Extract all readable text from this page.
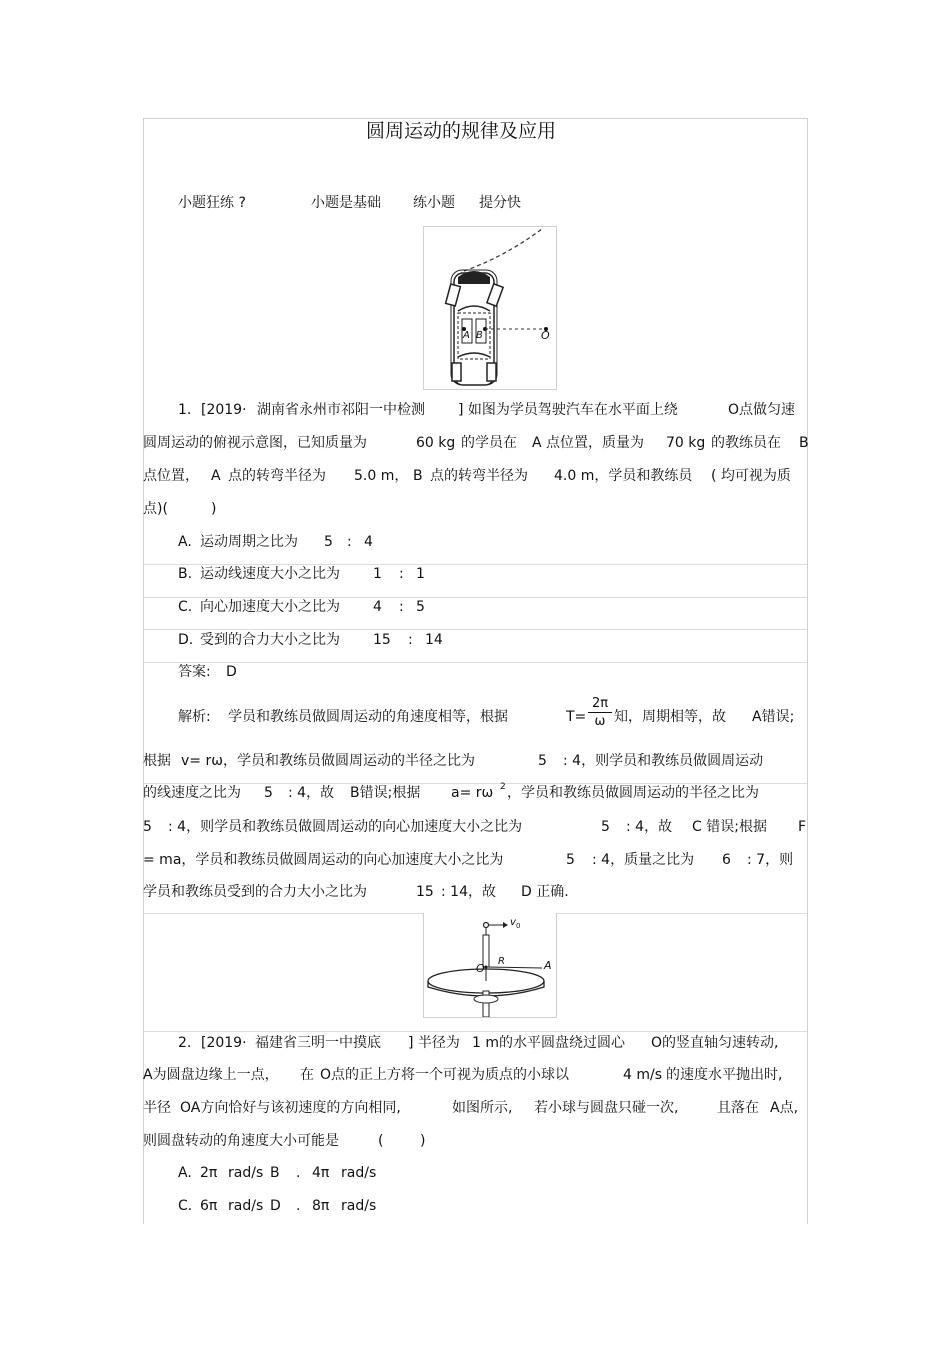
圆周运动的规律及应用
小题狂练 ?	小题是基础 练小题 提分快
A B	O
1. [2019· 湖南省永州市祁阳一中检测 ] 如图为学员驾驶汽车在水平面上绕	O点做匀速
圆周运动的俯视示意图，已知质量为	60 kg 的学员在 A 点位置，质量为 70 kg 的教练员在 B
点位置， A 点的转弯半径为 5.0 m， B 点的转弯半径为 4.0 m，学员和教练员 ( 均可视为质
点)(	)
A. 运动周期之比为 5 : 4
B. 运动线速度大小之比为 1 : 1
C. 向心加速度大小之比为 4 : 5
D. 受到的合力大小之比为 15 : 14
答案: D
解析: 学员和教练员做圆周运动的角速度相等，根据	T=
2π
ω 知，周期相等，故 A错误;
根据 v= rω，学员和教练员做圆周运动的半径之比为	5 : 4，则学员和教练员做圆周运动
的线速度之比为 5 : 4，故 B错误;根据 a= rω 2 ，学员和教练员做圆周运动的半径之比为
5 : 4，则学员和教练员做圆周运动的向心加速度大小之比为	5 : 4，故 C 错误;根据 F
= ma，学员和教练员做圆周运动的向心加速度大小之比为	5 : 4，质量之比为 6 : 7，则
学员和教练员受到的合力大小之比为	15 : 14，故 D 正确.
v 0
O
R	A
2. [2019· 福建省三明一中摸底 ] 半径为 1 m的水平圆盘绕过圆心 O的竖直轴匀速转动,
A为圆盘边缘上一点， 在 O点的正上方将一个可视为质点的小球以	4 m/s 的速度水平抛出时,
半径 OA方向恰好与该初速度的方向相同,	如图所示, 若小球与圆盘只碰一次,	且落在 A点,
则圆盘转动的角速度大小可能是	(	)
A. 2π rad/s B . 4π rad/s
C. 6π rad/s D . 8π rad/s
